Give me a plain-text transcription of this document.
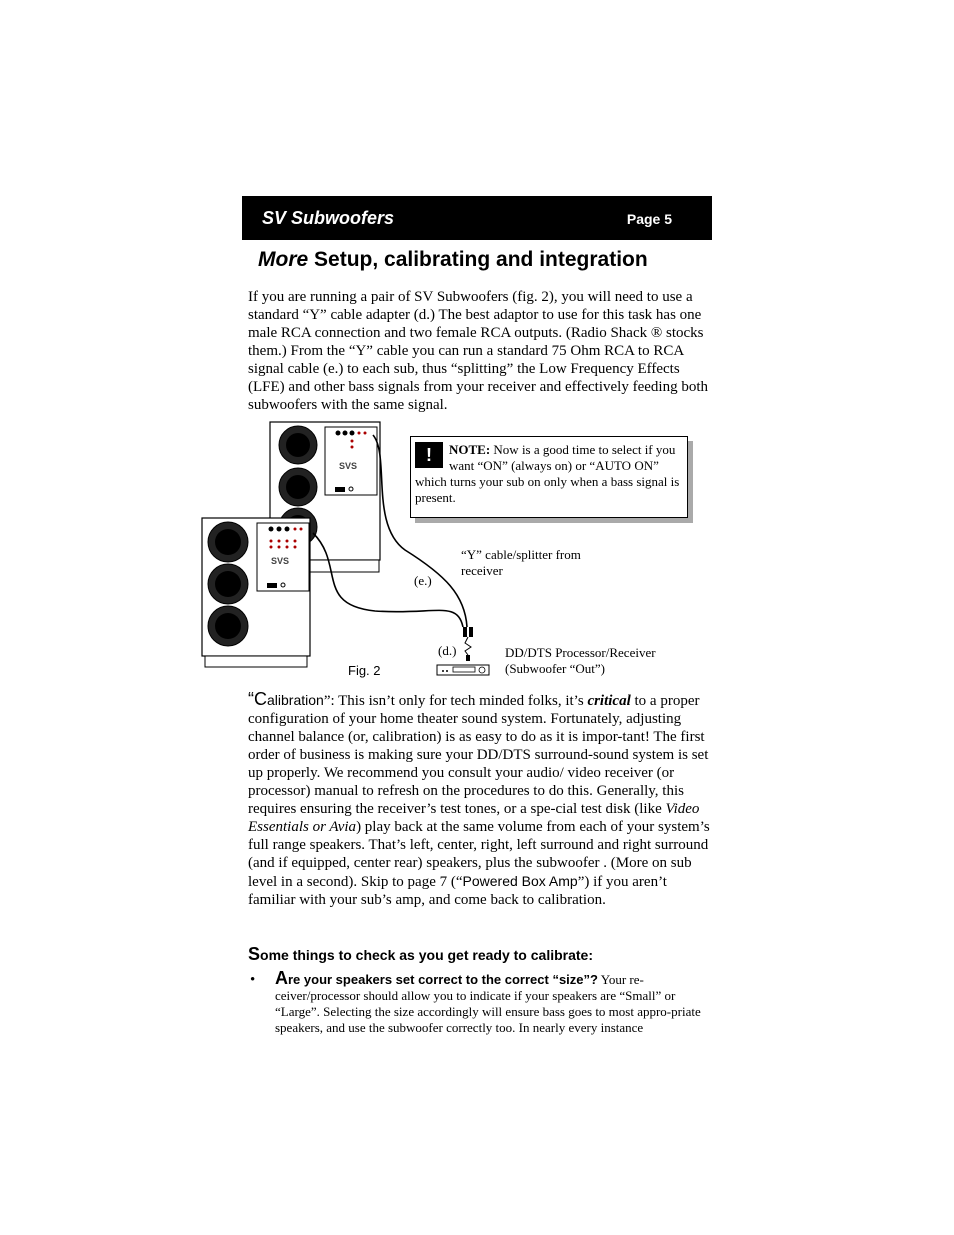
SV Subwoofers	Page 5
More Setup, calibrating and integration

If you are running a pair of SV Subwoofers (fig. 2), you will need to use a standard “Y” cable adapter (d.) The best adaptor to use for this task has one male RCA connection and two female RCA outputs. (Radio Shack ® stocks them.) From the “Y” cable you can run a standard 75 Ohm RCA to RCA signal cable (e.) to each sub, thus “splitting” the Low Frequency Effects (LFE) and other bass signals from your receiver and effectively feeding both subwoofers with the same signal.

SVS
SVS
!	NOTE: Now is a good time to select if you want “ON” (always on) or “AUTO ON” which turns your sub on only when a bass signal is present.

“Y” cable/splitter from receiver
(e.)
(d.)	DD/DTS Processor/Receiver (Subwoofer “Out”)
Fig. 2

“Calibration”: This isn’t only for tech minded folks, it’s critical to a proper configuration of your home theater sound system. Fortunately, adjusting channel balance (or, calibration) is as easy to do as it is impor-tant! The first order of business is making sure your DD/DTS surround-sound system is set up properly. We recommend you consult your audio/ video receiver (or processor) manual to refresh on the procedures to do this. Generally, this requires ensuring the receiver’s test tones, or a spe-cial test disk (like Video Essentials or Avia) play back at the same volume from each of your system’s full range speakers. That’s left, center, right, left surround and right surround (and if equipped, center rear) speakers, plus the subwoofer . (More on sub level in a second). Skip to page 7 (“Powered Box Amp”) if you aren’t familiar with your sub’s amp, and come back to calibration.

Some things to check as you get ready to calibrate:
• Are your speakers set correct to the correct “size”? Your re-ceiver/processor should allow you to indicate if your speakers are “Small” or “Large”. Selecting the size accordingly will ensure bass goes to most appro-priate speakers, and use the subwoofer correctly too. In nearly every instance
